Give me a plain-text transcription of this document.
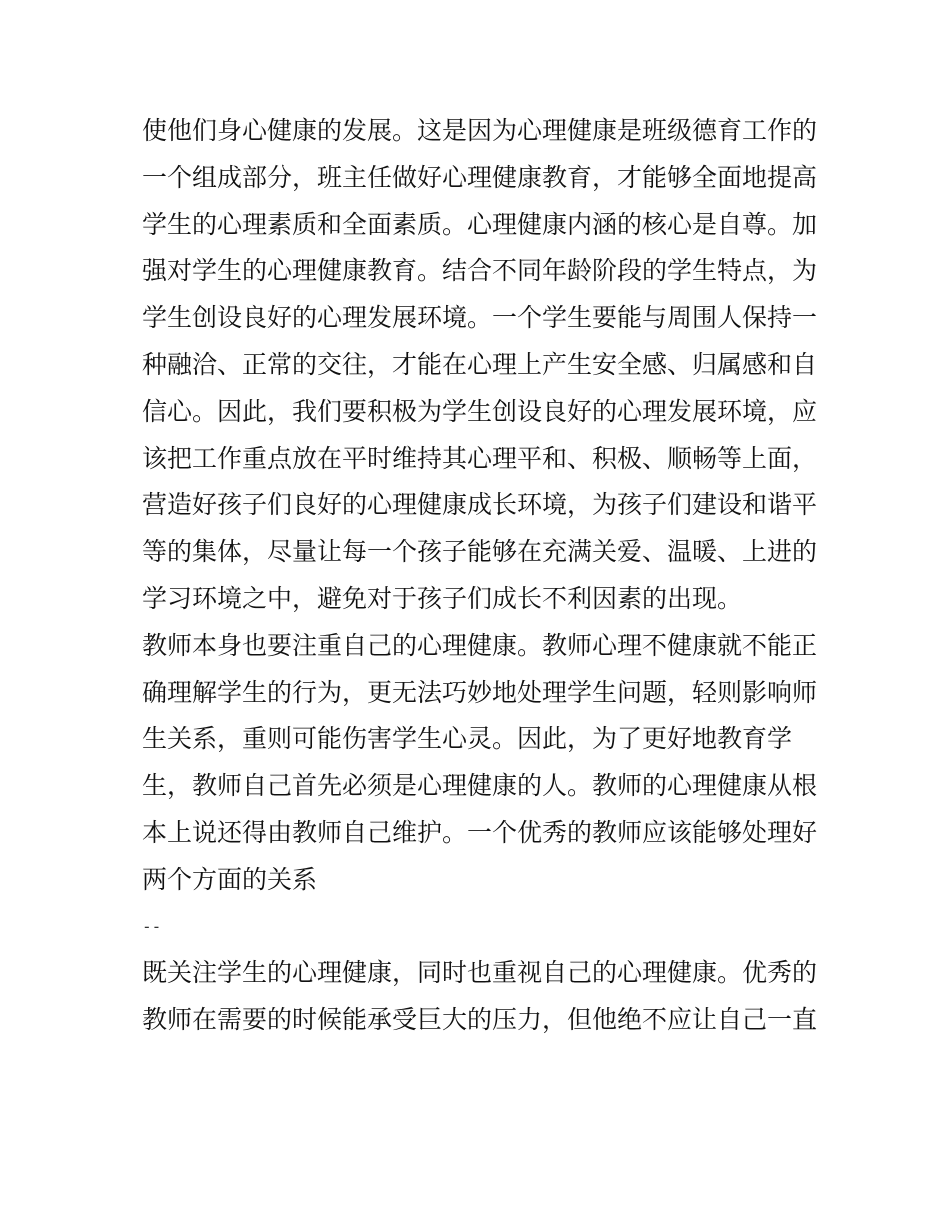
使他们身心健康的发展。这是因为心理健康是班级德育工作的
一个组成部分，班主任做好心理健康教育，才能够全面地提高
学生的心理素质和全面素质。心理健康内涵的核心是自尊。加
强对学生的心理健康教育。结合不同年龄阶段的学生特点，为
学生创设良好的心理发展环境。一个学生要能与周围人保持一
种融洽、正常的交往，才能在心理上产生安全感、归属感和自
信心。因此，我们要积极为学生创设良好的心理发展环境，应
该把工作重点放在平时维持其心理平和、积极、顺畅等上面，
营造好孩子们良好的心理健康成长环境，为孩子们建设和谐平
等的集体，尽量让每一个孩子能够在充满关爱、温暖、上进的
学习环境之中，避免对于孩子们成长不利因素的出现。
教师本身也要注重自己的心理健康。教师心理不健康就不能正
确理解学生的行为，更无法巧妙地处理学生问题，轻则影响师
生关系，重则可能伤害学生心灵。因此，为了更好地教育学
生，教师自己首先必须是心理健康的人。教师的心理健康从根
本上说还得由教师自己维护。一个优秀的教师应该能够处理好
两个方面的关系
--
既关注学生的心理健康，同时也重视自己的心理健康。优秀的
教师在需要的时候能承受巨大的压力，但他绝不应让自己一直
